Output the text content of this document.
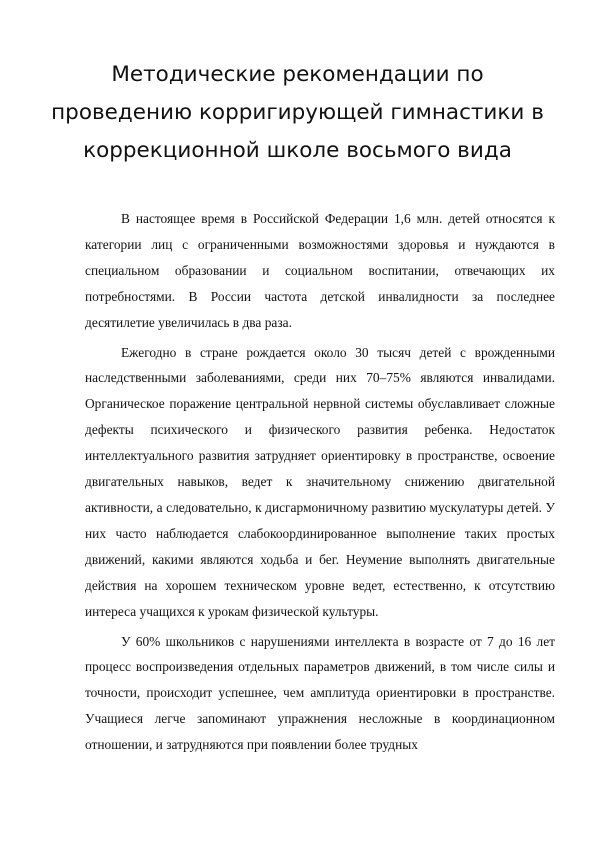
Методические рекомендации по проведению корригирующей гимнастики в коррекционной школе восьмого вида

В настоящее время в Российской Федерации 1,6 млн. детей относятся к категории лиц с ограниченными возможностями здоровья и нуждаются в специальном образовании и социальном воспитании, отвечающих их потребностями. В России частота детской инвалидности за последнее десятилетие увеличилась в два раза.

Ежегодно в стране рождается около 30 тысяч детей с врожденными наследственными заболеваниями, среди них 70–75% являются инвалидами. Органическое поражение центральной нервной системы обуславливает сложные дефекты психического и физического развития ребенка. Недостаток интеллектуального развития затрудняет ориентировку в пространстве, освоение двигательных навыков, ведет к значительному снижению двигательной активности, а следовательно, к дисгармоничному развитию мускулатуры детей. У них часто наблюдается слабокоординированное выполнение таких простых движений, какими являются ходьба и бег. Неумение выполнять двигательные действия на хорошем техническом уровне ведет, естественно, к отсутствию интереса учащихся к урокам физической культуры.

У 60% школьников с нарушениями интеллекта в возрасте от 7 до 16 лет процесс воспроизведения отдельных параметров движений, в том числе силы и точности, происходит успешнее, чем амплитуда ориентировки в пространстве. Учащиеся легче запоминают упражнения несложные в координационном отношении, и затрудняются при появлении более трудных
